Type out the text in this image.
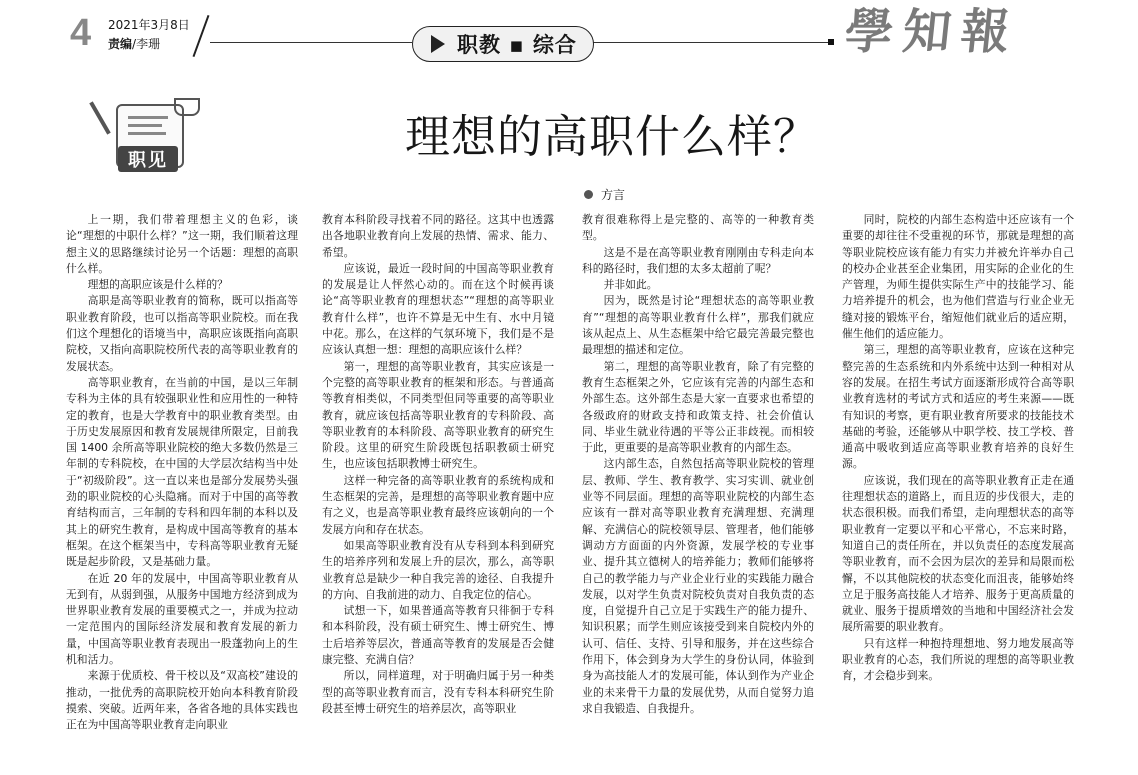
4 2021年3月8日
责编/李珊	职教 ▪ 综合	學知報
职见	理想的高职什么样？
方言

上一期，我们带着理想主义的色彩，谈论“理想的中职什么样？”这一期，我们顺着这理想主义的思路继续讨论另一个话题：理想的高职什么样。

理想的高职应该是什么样的？

高职是高等职业教育的简称，既可以指高等职业教育阶段，也可以指高等职业院校。而在我们这个理想化的语境当中，高职应该既指向高职院校，又指向高职院校所代表的高等职业教育的发展状态。

高等职业教育，在当前的中国，是以三年制专科为主体的具有较强职业性和应用性的一种特定的教育，也是大学教育中的职业教育类型。由于历史发展原因和教育发展规律所限定，目前我国 1400 余所高等职业院校的绝大多数仍然是三年制的专科院校，在中国的大学层次结构当中处于“初级阶段”。这一直以来也是部分发展势头强劲的职业院校的心头隐痛。而对于中国的高等教育结构而言，三年制的专科和四年制的本科以及其上的研究生教育，是构成中国高等教育的基本框架。在这个框架当中，专科高等职业教育无疑既是起步阶段，又是基础力量。

在近 20 年的发展中，中国高等职业教育从无到有，从弱到强，从服务中国地方经济到成为世界职业教育发展的重要模式之一，并成为拉动一定范围内的国际经济发展和教育发展的新力量，中国高等职业教育表现出一股蓬勃向上的生机和活力。

来源于优质校、骨干校以及“双高校”建设的推动，一批优秀的高职院校开始向本科教育阶段摸索、突破。近两年来，各省各地的具体实践也正在为中国高等职业教育走向职业

教育本科阶段寻找着不同的路径。这其中也透露出各地职业教育向上发展的热情、需求、能力、希望。

应该说，最近一段时间的中国高等职业教育的发展是让人怦然心动的。而在这个时候再谈论“高等职业教育的理想状态”“理想的高等职业教育什么样”，也许不算是无中生有、水中月镜中花。那么，在这样的气氛环境下，我们是不是应该认真想一想：理想的高职应该什么样？

第一，理想的高等职业教育，其实应该是一个完整的高等职业教育的框架和形态。与普通高等教育相类似，不同类型但同等重要的高等职业教育，就应该包括高等职业教育的专科阶段、高等职业教育的本科阶段、高等职业教育的研究生阶段。这里的研究生阶段既包括职教硕士研究生，也应该包括职教博士研究生。

这样一种完备的高等职业教育的系统构成和生态框架的完善，是理想的高等职业教育题中应有之义，也是高等职业教育最终应该朝向的一个发展方向和存在状态。

如果高等职业教育没有从专科到本科到研究生的培养序列和发展上升的层次，那么，高等职业教育总是缺少一种自我完善的途径、自我提升的方向、自我前进的动力、自我定位的信心。

试想一下，如果普通高等教育只徘徊于专科和本科阶段，没有硕士研究生、博士研究生、博士后培养等层次，普通高等教育的发展是否会健康完整、充满自信？

所以，同样道理，对于明确归属于另一种类型的高等职业教育而言，没有专科本科研究生阶段甚至博士研究生的培养层次，高等职业

教育很难称得上是完整的、高等的一种教育类型。

这是不是在高等职业教育刚刚由专科走向本科的路径时，我们想的太多太超前了呢？

并非如此。

因为，既然是讨论“理想状态的高等职业教育”“理想的高等职业教育什么样”，那我们就应该从起点上、从生态框架中给它最完善最完整也最理想的描述和定位。

第二，理想的高等职业教育，除了有完整的教育生态框架之外，它应该有完善的内部生态和外部生态。这外部生态是大家一直要求也希望的各级政府的财政支持和政策支持、社会价值认同、毕业生就业待遇的平等公正非歧视。而相较于此，更重要的是高等职业教育的内部生态。

这内部生态，自然包括高等职业院校的管理层、教师、学生、教育教学、实习实训、就业创业等不同层面。理想的高等职业院校的内部生态应该有一群对高等职业教育充满理想、充满理解、充满信心的院校领导层、管理者，他们能够调动方方面面的内外资源，发展学校的专业事业、提升其立德树人的培养能力；教师们能够将自己的教学能力与产业企业行业的实践能力融合发展，以对学生负责对院校负责对自我负责的态度，自觉提升自己立足于实践生产的能力提升、知识积累；而学生则应该接受到来自院校内外的认可、信任、支持、引导和服务，并在这些综合作用下，体会到身为大学生的身份认同，体验到身为高技能人才的发展可能，体认到作为产业企业的未来骨干力量的发展优势，从而自觉努力追求自我锻造、自我提升。

同时，院校的内部生态构造中还应该有一个重要的却往往不受重视的环节，那就是理想的高等职业院校应该有能力有实力并被允许举办自己的校办企业甚至企业集团，用实际的企业化的生产管理，为师生提供实际生产中的技能学习、能力培养提升的机会，也为他们营造与行业企业无缝对接的锻炼平台，缩短他们就业后的适应期，催生他们的适应能力。

第三，理想的高等职业教育，应该在这种完整完善的生态系统和内外系统中达到一种相对从容的发展。在招生考试方面逐渐形成符合高等职业教育选材的考试方式和适应的考生来源——既有知识的考察，更有职业教育所要求的技能技术基础的考验，还能够从中职学校、技工学校、普通高中吸收到适应高等职业教育培养的良好生源。

应该说，我们现在的高等职业教育正走在通往理想状态的道路上，而且迈的步伐很大，走的状态很积极。而我们希望，走向理想状态的高等职业教育一定要以平和心平常心，不忘来时路，知道自己的责任所在，并以负责任的态度发展高等职业教育，而不会因为层次的差异和局限而松懈，不以其他院校的状态变化而沮丧，能够始终立足于服务高技能人才培养、服务于更高质量的就业、服务于提质增效的当地和中国经济社会发展所需要的职业教育。

只有这样一种抱持理想地、努力地发展高等职业教育的心态，我们所说的理想的高等职业教育，才会稳步到来。
